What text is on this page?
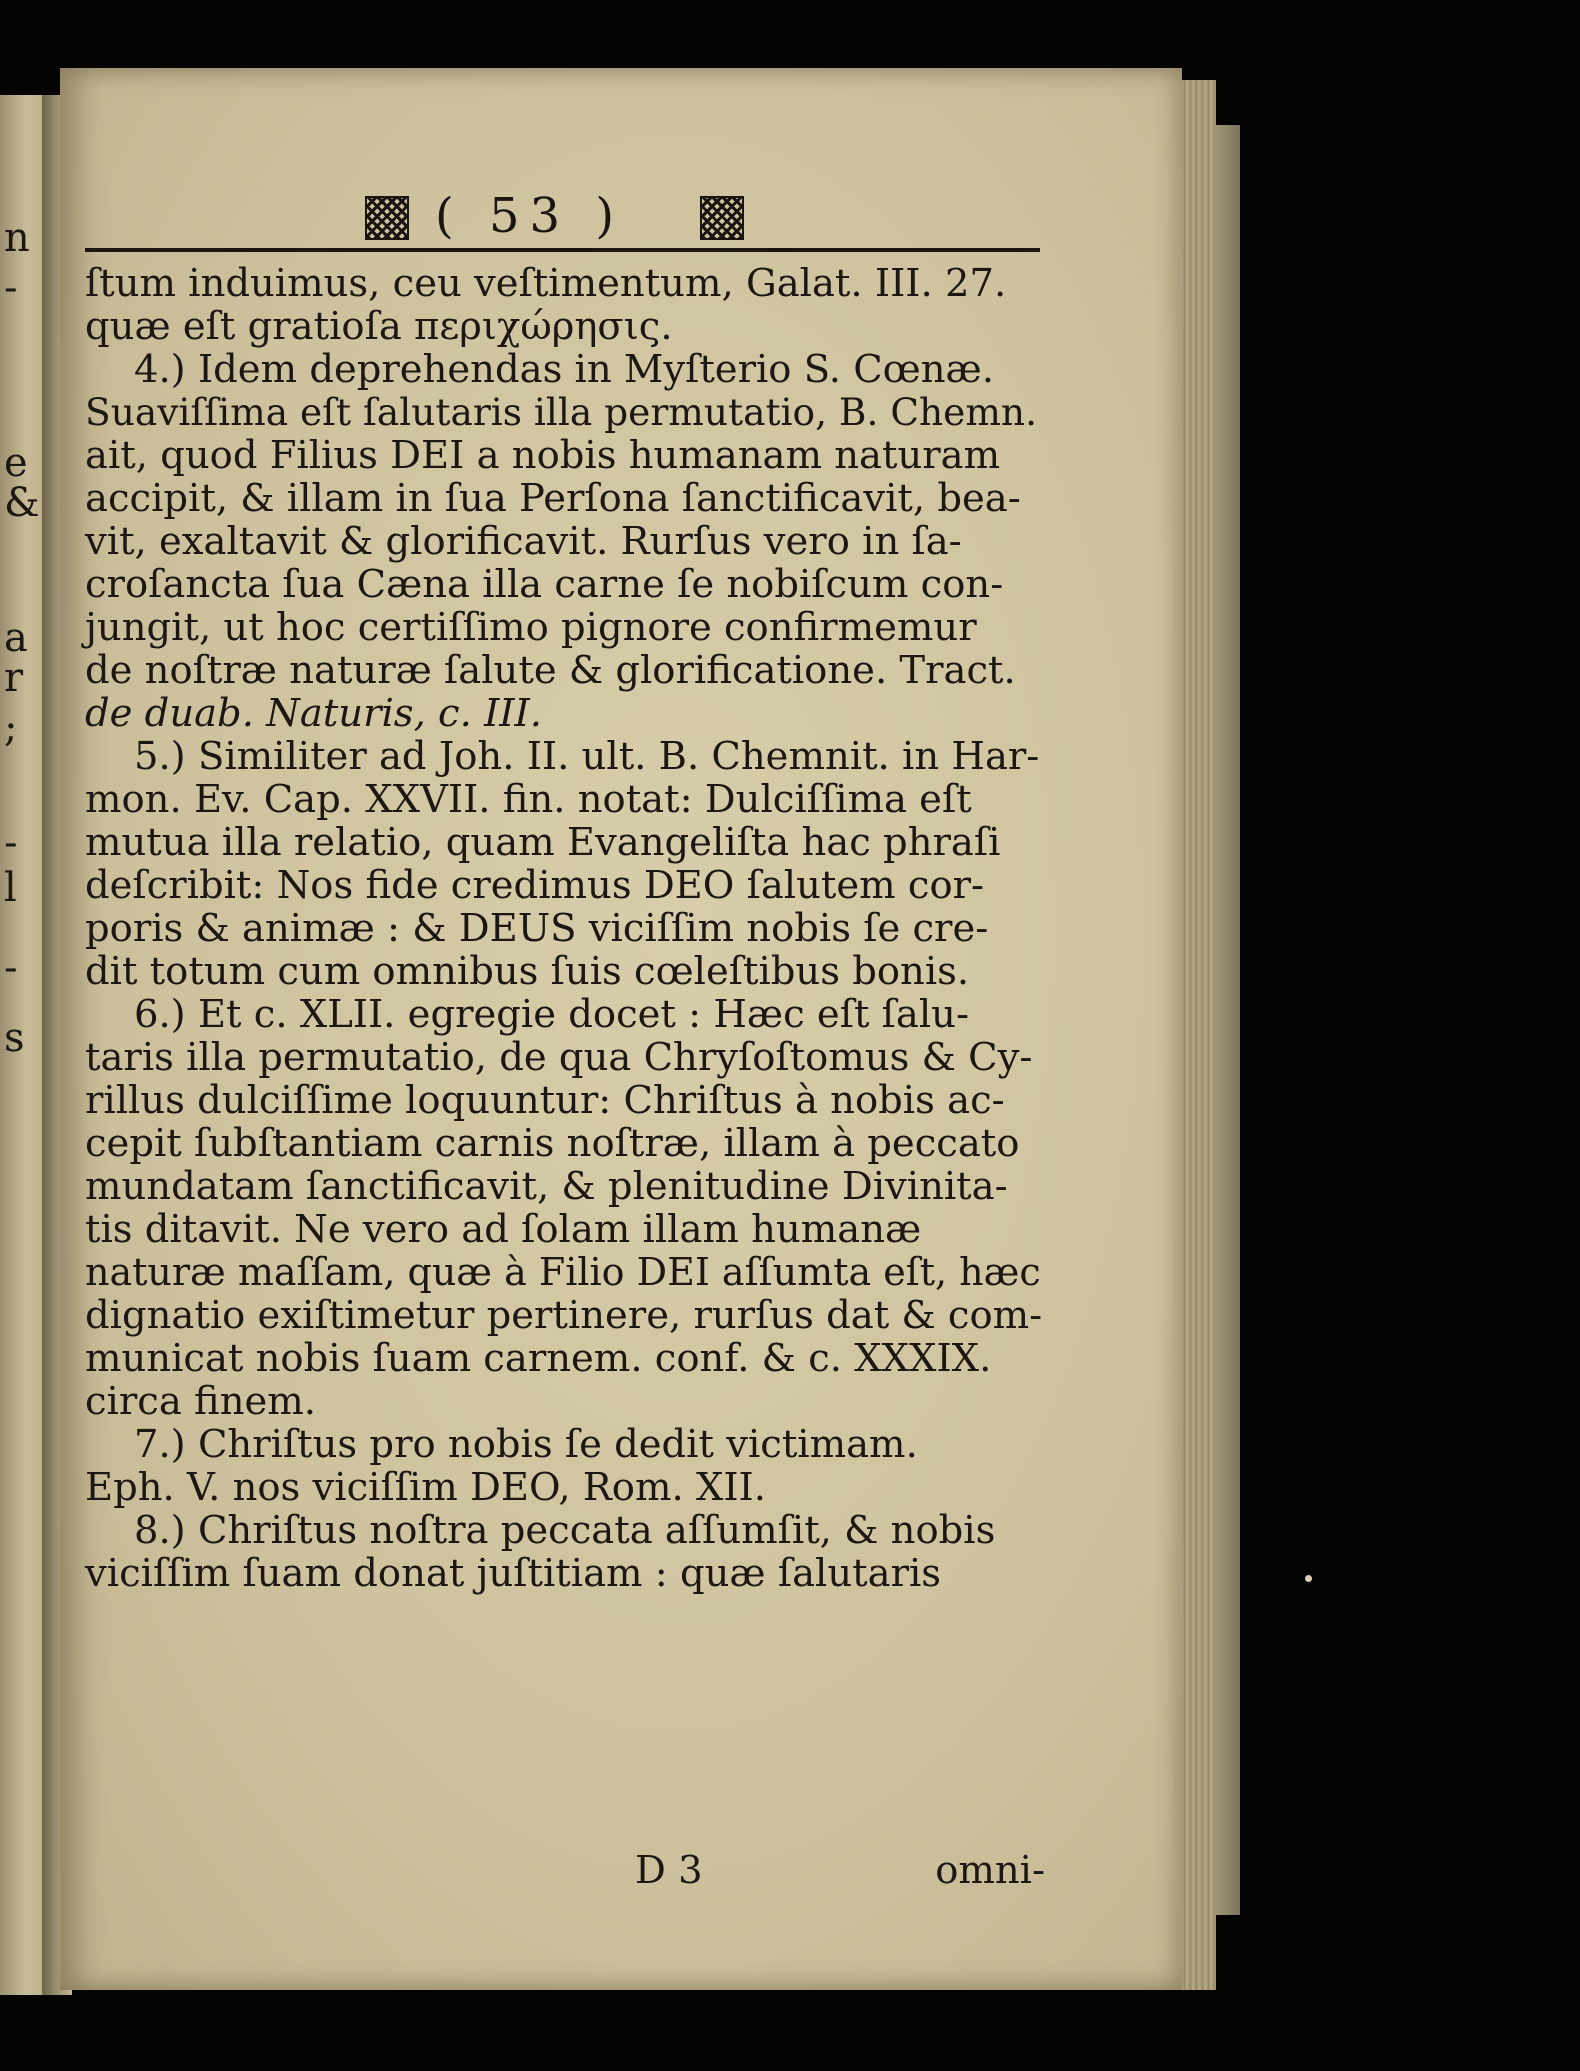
n
-
e
&
a
r
;
-
l
-
s
( 53 )
ſtum induimus, ceu veſtimentum, Galat. III. 27.
quæ eſt gratioſa περιχώρησις.
4.) Idem deprehendas in Myſterio S. Cœnæ.
Suaviſſima eſt ſalutaris illa permutatio, B. Chemn.
ait, quod Filius DEI a nobis humanam naturam
accipit, & illam in ſua Perſona ſanctificavit, bea-
vit, exaltavit & glorificavit. Rurſus vero in ſa-
croſancta ſua Cæna illa carne ſe nobiſcum con-
jungit, ut hoc certiſſimo pignore confirmemur
de noſtræ naturæ ſalute & glorificatione. Tract.
de duab. Naturis, c. III.
5.) Similiter ad Joh. II. ult. B. Chemnit. in Har-
mon. Ev. Cap. XXVII. fin. notat: Dulciſſima eſt
mutua illa relatio, quam Evangeliſta hac phraſi
deſcribit: Nos fide credimus DEO ſalutem cor-
poris & animæ : & DEUS viciſſim nobis ſe cre-
dit totum cum omnibus ſuis cœleſtibus bonis.
6.) Et c. XLII. egregie docet : Hæc eſt ſalu-
taris illa permutatio, de qua Chryſoſtomus & Cy-
rillus dulciſſime loquuntur: Chriſtus à nobis ac-
cepit ſubſtantiam carnis noſtræ, illam à peccato
mundatam ſanctificavit, & plenitudine Divinita-
tis ditavit. Ne vero ad ſolam illam humanæ
naturæ maſſam, quæ à Filio DEI aſſumta eſt, hæc
dignatio exiſtimetur pertinere, rurſus dat & com-
municat nobis ſuam carnem. conf. & c. XXXIX.
circa finem.
7.) Chriſtus pro nobis ſe dedit victimam.
Eph. V. nos viciſſim DEO, Rom. XII.
8.) Chriſtus noſtra peccata aſſumſit, & nobis
viciſſim ſuam donat juſtitiam : quæ ſalutaris
D 3	omni-
